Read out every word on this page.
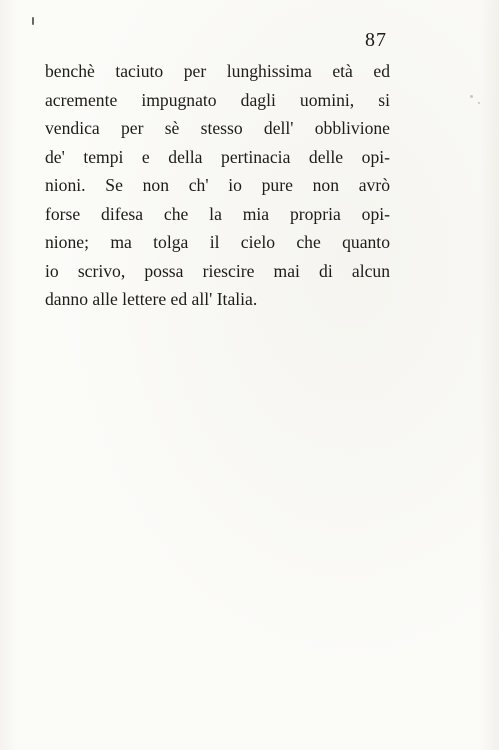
87
benchè taciuto per lunghissima età ed
acremente impugnato dagli uomini, si
vendica per sè stesso dell' obblivione
de' tempi e della pertinacia delle opi-
nioni. Se non ch' io pure non avrò
forse difesa che la mia propria opi-
nione; ma tolga il cielo che quanto
io scrivo, possa riescire mai di alcun
danno alle lettere ed all' Italia.
